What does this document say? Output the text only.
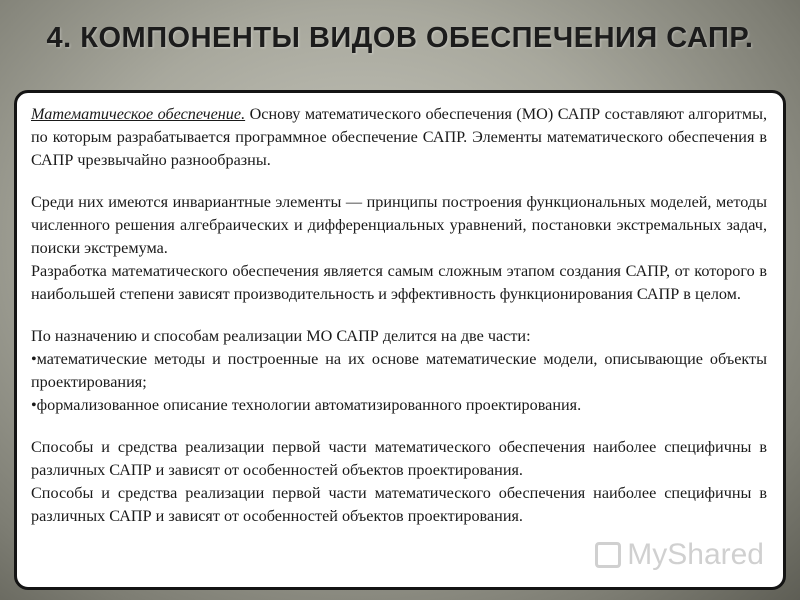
4. КОМПОНЕНТЫ ВИДОВ ОБЕСПЕЧЕНИЯ САПР.

Математическое обеспечение. Основу математического обеспечения (МО) САПР составляют алгоритмы, по которым разрабатывается программное обеспечение САПР. Элементы математического обеспечения в САПР чрезвычайно разнообразны.

Среди них имеются инвариантные элементы — принципы построения функциональных моделей, методы численного решения алгебраических и дифференциальных уравнений, постановки экстремальных задач, поиски экстремума.

Разработка математического обеспечения является самым сложным этапом создания САПР, от которого в наибольшей степени зависят производительность и эффективность функционирования САПР в целом.

По назначению и способам реализации МО САПР делится на две части:

•математические методы и построенные на их основе математические модели, описывающие объекты проектирования;

•формализованное описание технологии автоматизированного проектирования.

Способы и средства реализации первой части математического обеспечения наиболее специфичны в различных САПР и зависят от особенностей объектов проектирования.

Способы и средства реализации первой части математического обеспечения наиболее специфичны в различных САПР и зависят от особенностей объектов проектирования.

MyShared
